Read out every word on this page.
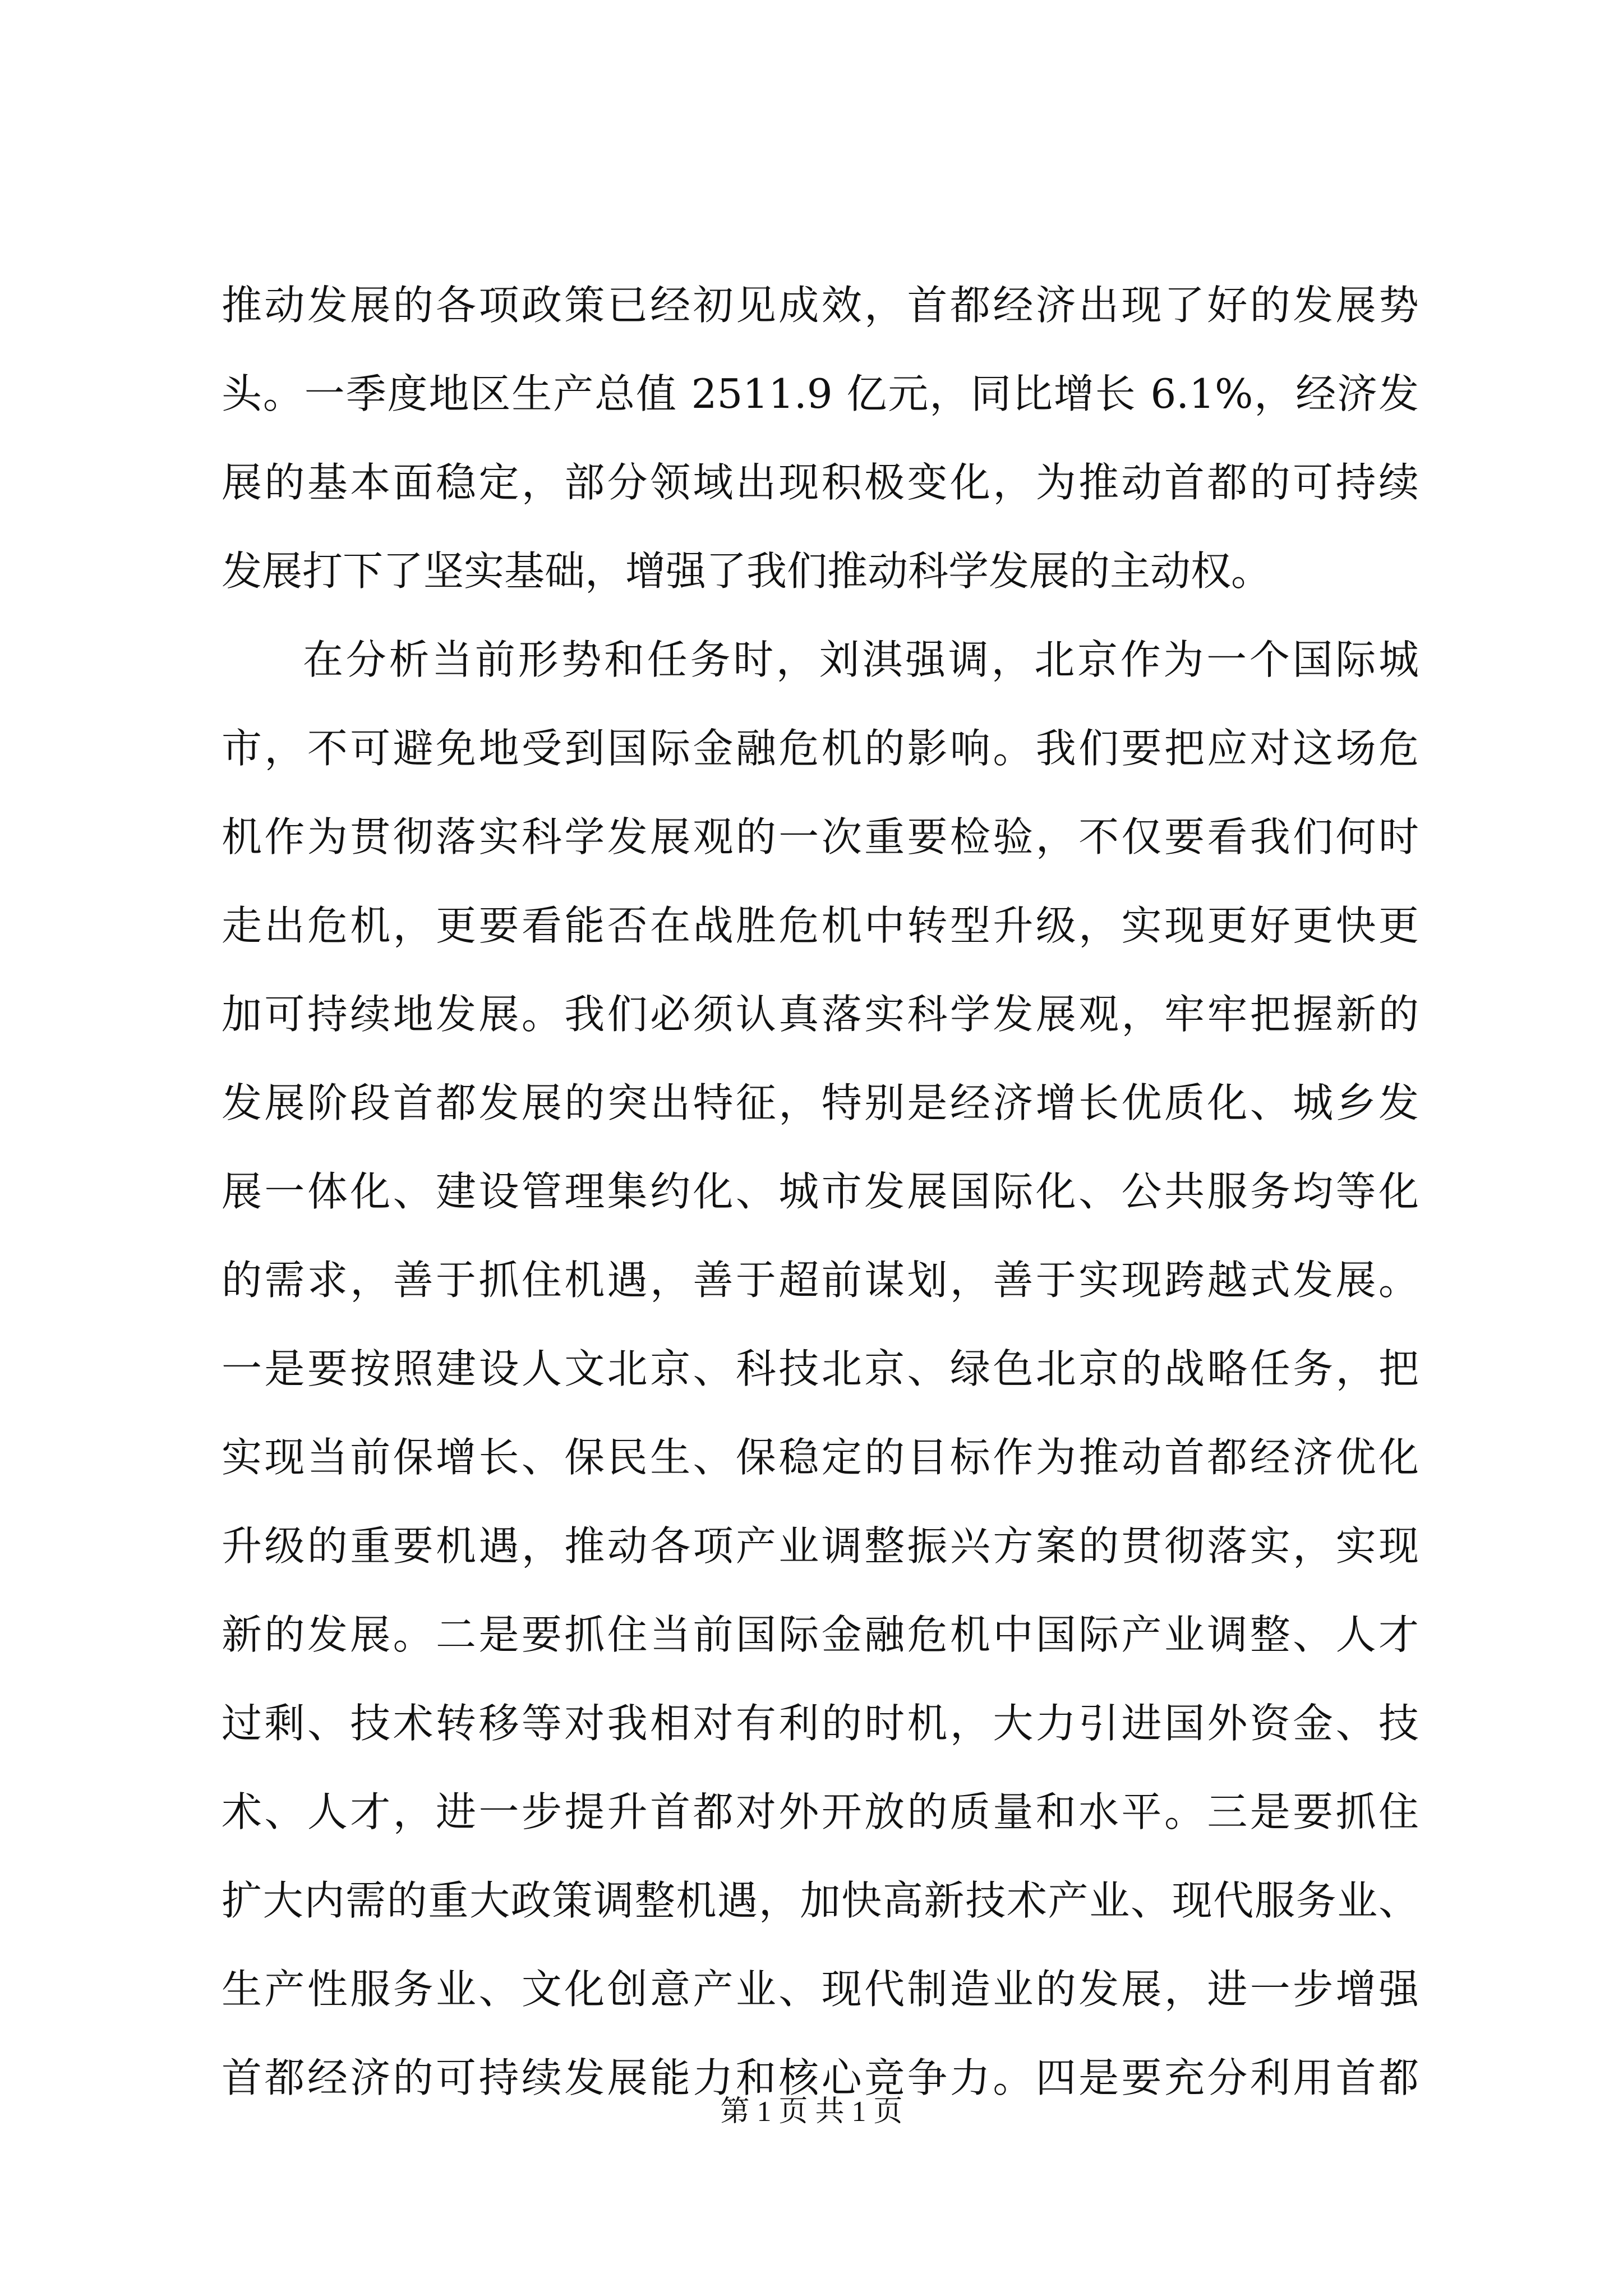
推动发展的各项政策已经初见成效，首都经济出现了好的发展势
头。一季度地区生产总值 2511.9 亿元，同比增长 6.1%，经济发
展的基本面稳定，部分领域出现积极变化，为推动首都的可持续
发展打下了坚实基础，增强了我们推动科学发展的主动权。
在分析当前形势和任务时，刘淇强调，北京作为一个国际城
市，不可避免地受到国际金融危机的影响。我们要把应对这场危
机作为贯彻落实科学发展观的一次重要检验，不仅要看我们何时
走出危机，更要看能否在战胜危机中转型升级，实现更好更快更
加可持续地发展。我们必须认真落实科学发展观，牢牢把握新的
发展阶段首都发展的突出特征，特别是经济增长优质化、城乡发
展一体化、建设管理集约化、城市发展国际化、公共服务均等化
的需求，善于抓住机遇，善于超前谋划，善于实现跨越式发展。
一是要按照建设人文北京、科技北京、绿色北京的战略任务，把
实现当前保增长、保民生、保稳定的目标作为推动首都经济优化
升级的重要机遇，推动各项产业调整振兴方案的贯彻落实，实现
新的发展。二是要抓住当前国际金融危机中国际产业调整、人才
过剩、技术转移等对我相对有利的时机，大力引进国外资金、技
术、人才，进一步提升首都对外开放的质量和水平。三是要抓住
扩大内需的重大政策调整机遇，加快高新技术产业、现代服务业、
生产性服务业、文化创意产业、现代制造业的发展，进一步增强
首都经济的可持续发展能力和核心竞争力。四是要充分利用首都
第 1 页 共 1 页
